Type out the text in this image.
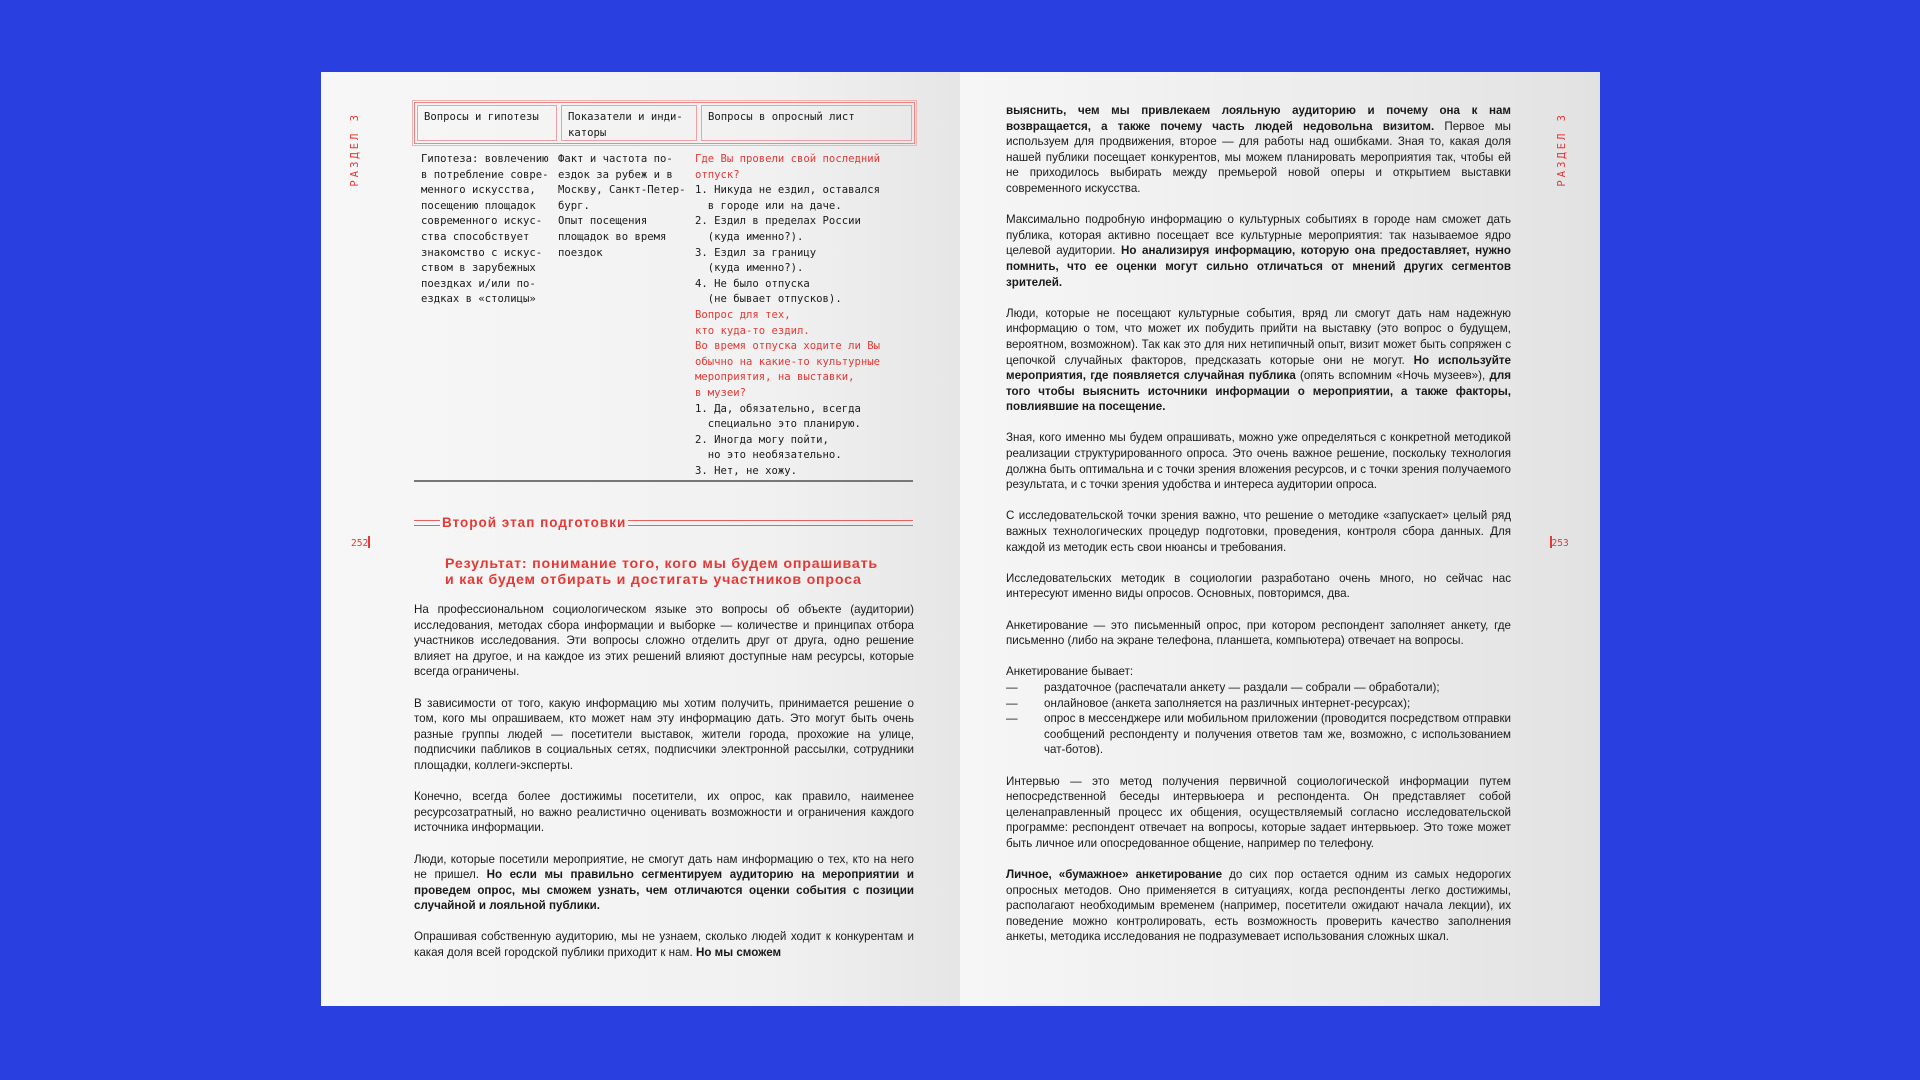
РАЗДЕЛ 3
252
Вопросы и гипотезы	Показатели и инди-
каторы
Вопросы в опросный лист
Гипотеза: вовлечению
в потребление совре-
менного искусства,
посещению площадок
современного искус-
ства способствует
знакомство с искус-
ством в зарубежных
поездках и/или по-
ездках в «столицы»
Факт и частота по-
ездок за рубеж и в
Москву, Санкт-Петер-
бург.
Опыт посещения
площадок во время
поездок
Где Вы провели свой последний
отпуск?
1. Никуда не ездил, оставался
в городе или на даче.
2. Ездил в пределах России
(куда именно?).
3. Ездил за границу
(куда именно?).
4. Не было отпуска
(не бывает отпусков).
Вопрос для тех,
кто куда-то ездил.
Во время отпуска ходите ли Вы
обычно на какие-то культурные
мероприятия, на выставки,
в музеи?
1. Да, обязательно, всегда
специально это планирую.
2. Иногда могу пойти,
но это необязательно.
3. Нет, не хожу.
Второй этап подготовки
Результат: понимание того, кого мы будем опрашивать
и как будем отбирать и достигать участников опроса

На профессиональном социологическом языке это вопросы об объекте (аудитории) исследования, методах сбора информации и выборке — количестве и принципах отбора участников исследования. Эти вопросы сложно отделить друг от друга, одно решение влияет на другое, и на каждое из этих решений влияют доступные нам ресурсы, которые всегда ограничены.

В зависимости от того, какую информацию мы хотим получить, принимается решение о том, кого мы опрашиваем, кто может нам эту информацию дать. Это могут быть очень разные группы людей — посетители выставок, жители города, прохожие на улице, подписчики пабликов в социальных сетях, подписчики электронной рассылки, сотрудники площадки, коллеги-эксперты.

Конечно, всегда более достижимы посетители, их опрос, как правило, наименее ресурсозатратный, но важно реалистично оценивать возможности и ограничения каждого источника информации.

Люди, которые посетили мероприятие, не смогут дать нам информацию о тех, кто на него не пришел. Но если мы правильно сегментируем аудиторию на мероприятии и проведем опрос, мы сможем узнать, чем отличаются оценки события с позиции случайной и лояльной публики.

Опрашивая собственную аудиторию, мы не узнаем, сколько людей ходит к конкурентам и какая доля всей городской публики приходит к нам. Но мы сможем

РАЗДЕЛ 3
253

выяснить, чем мы привлекаем лояльную аудиторию и почему она к нам возвращается, а также почему часть людей недовольна визитом. Первое мы используем для продвижения, второе — для работы над ошибками. Зная то, какая доля нашей публики посещает конкурентов, мы можем планировать мероприятия так, чтобы ей не приходилось выбирать между премьерой новой оперы и открытием выставки современного искусства.

Максимально подробную информацию о культурных событиях в городе нам сможет дать публика, которая активно посещает все культурные мероприятия: так называемое ядро целевой аудитории. Но анализируя информацию, которую она предоставляет, нужно помнить, что ее оценки могут сильно отличаться от мнений других сегментов зрителей.

Люди, которые не посещают культурные события, вряд ли смогут дать нам надежную информацию о том, что может их побудить прийти на выставку (это вопрос о будущем, вероятном, возможном). Так как это для них нетипичный опыт, визит может быть сопряжен с цепочкой случайных факторов, предсказать которые они не могут. Но используйте мероприятия, где появляется случайная публика (опять вспомним «Ночь музеев»), для того чтобы выяснить источники информации о мероприятии, а также факторы, повлиявшие на посещение.

Зная, кого именно мы будем опрашивать, можно уже определяться с конкретной методикой реализации структурированного опроса. Это очень важное решение, поскольку технология должна быть оптимальна и с точки зрения вложения ресурсов, и с точки зрения получаемого результата, и с точки зрения удобства и интереса аудитории опроса.

С исследовательской точки зрения важно, что решение о методике «запускает» целый ряд важных технологических процедур подготовки, проведения, контроля сбора данных. Для каждой из методик есть свои нюансы и требования.

Исследовательских методик в социологии разработано очень много, но сейчас нас интересуют именно виды опросов. Основных, повторимся, два.

Анкетирование — это письменный опрос, при котором респондент заполняет анкету, где письменно (либо на экране телефона, планшета, компьютера) отвечает на вопросы.

Анкетирование бывает:
— раздаточное (распечатали анкету — раздали — собрали — обработали);
— онлайновое (анкета заполняется на различных интернет-ресурсах);
— опрос в мессенджере или мобильном приложении (проводится посредством отправки сообщений респонденту и получения ответов там же, возможно, с использованием чат-ботов).

Интервью — это метод получения первичной социологической информации путем непосредственной беседы интервьюера и респондента. Он представляет собой целенаправленный процесс их общения, осуществляемый согласно исследовательской программе: респондент отвечает на вопросы, которые задает интервьюер. Это тоже может быть личное или опосредованное общение, например по телефону.

Личное, «бумажное» анкетирование до сих пор остается одним из самых недорогих опросных методов. Оно применяется в ситуациях, когда респонденты легко достижимы, располагают необходимым временем (например, посетители ожидают начала лекции), их поведение можно контролировать, есть возможность проверить качество заполнения анкеты, методика исследования не подразумевает использования сложных шкал.
